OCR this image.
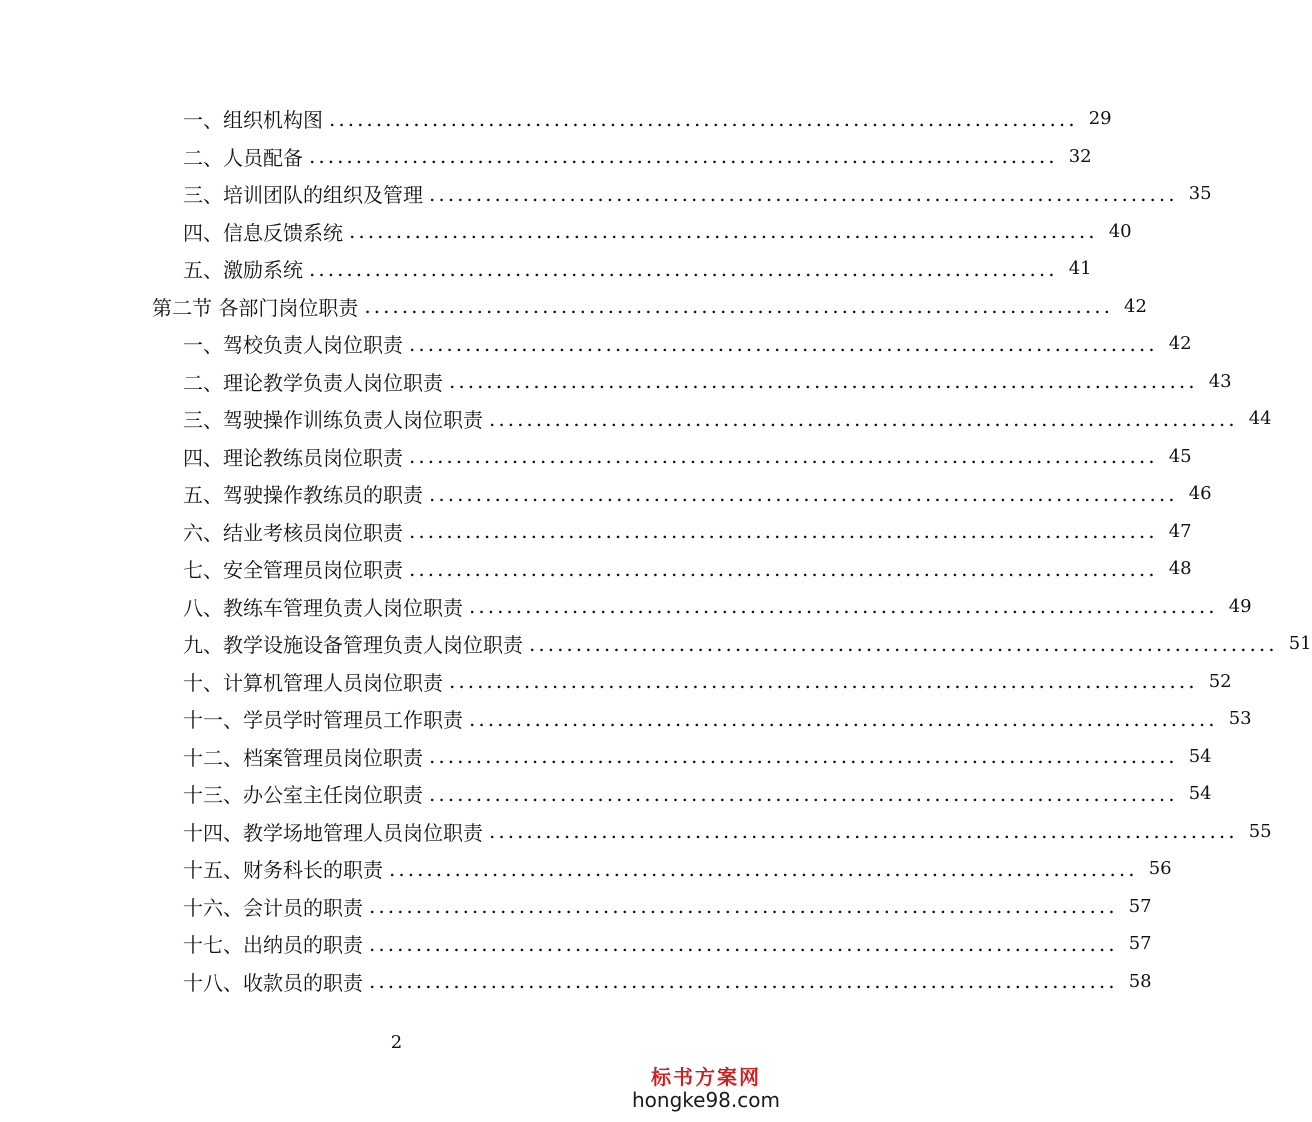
一、组织机构图 ................................................................................ 29
二、人员配备 ................................................................................ 32
三、培训团队的组织及管理 ................................................................................ 35
四、信息反馈系统 ................................................................................ 40
五、激励系统 ................................................................................ 41
第二节 各部门岗位职责 ................................................................................ 42
一、驾校负责人岗位职责 ................................................................................ 42
二、理论教学负责人岗位职责 ................................................................................ 43
三、驾驶操作训练负责人岗位职责 ................................................................................ 44
四、理论教练员岗位职责 ................................................................................ 45
五、驾驶操作教练员的职责 ................................................................................ 46
六、结业考核员岗位职责 ................................................................................ 47
七、安全管理员岗位职责 ................................................................................ 48
八、教练车管理负责人岗位职责 ................................................................................ 49
九、教学设施设备管理负责人岗位职责 ................................................................................ 51
十、计算机管理人员岗位职责 ................................................................................ 52
十一、学员学时管理员工作职责 ................................................................................ 53
十二、档案管理员岗位职责 ................................................................................ 54
十三、办公室主任岗位职责 ................................................................................ 54
十四、教学场地管理人员岗位职责 ................................................................................ 55
十五、财务科长的职责 ................................................................................ 56
十六、会计员的职责 ................................................................................ 57
十七、出纳员的职责 ................................................................................ 57
十八、收款员的职责 ................................................................................ 58
2
标书方案网
hongke98.com
